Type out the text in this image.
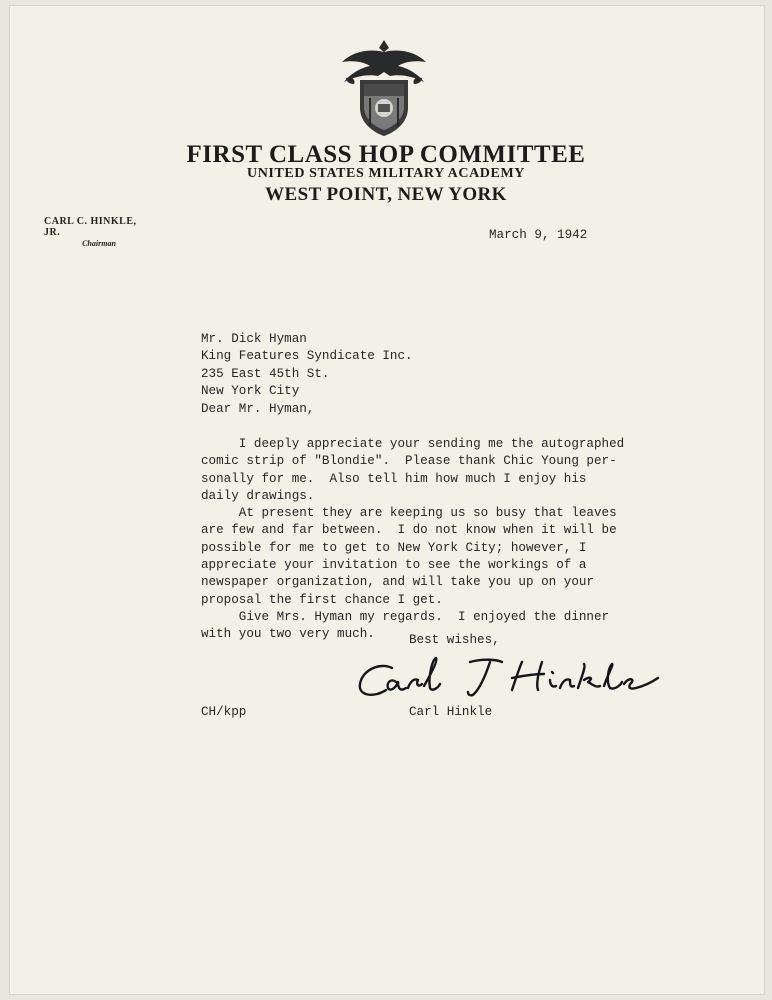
FIRST CLASS HOP COMMITTEE
UNITED STATES MILITARY ACADEMY
WEST POINT, NEW YORK
CARL C. HINKLE, JR.
Chairman
March 9, 1942
Mr. Dick Hyman
King Features Syndicate Inc.
235 East 45th St.
New York City
Dear Mr. Hyman,
I deeply appreciate your sending me the autographed
comic strip of "Blondie".  Please thank Chic Young per-
sonally for me.  Also tell him how much I enjoy his
daily drawings.
At present they are keeping us so busy that leaves
are few and far between.  I do not know when it will be
possible for me to get to New York City; however, I
appreciate your invitation to see the workings of a
newspaper organization, and will take you up on your
proposal the first chance I get.
Give Mrs. Hyman my regards.  I enjoyed the dinner
with you two very much.	Best wishes,
CH/kpp	Carl Hinkle
